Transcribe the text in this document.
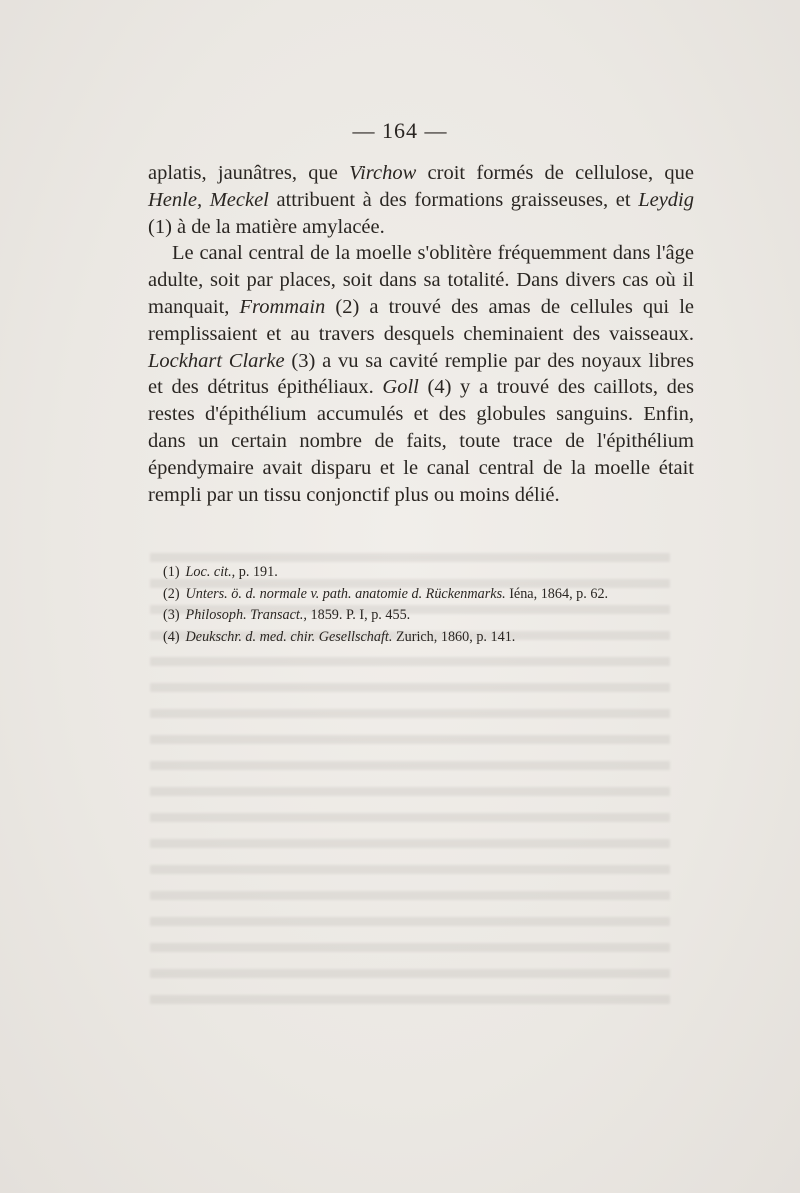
— 164 —

aplatis, jaunâtres, que Virchow croit formés de cellulose, que Henle, Meckel attribuent à des formations graisseuses, et Leydig (1) à de la matière amylacée.

Le canal central de la moelle s'oblitère fréquemment dans l'âge adulte, soit par places, soit dans sa totalité. Dans divers cas où il manquait, Frommain (2) a trouvé des amas de cellules qui le remplissaient et au travers desquels cheminaient des vaisseaux. Lockhart Clarke (3) a vu sa cavité remplie par des noyaux libres et des détritus épithéliaux. Goll (4) y a trouvé des caillots, des restes d'épithélium accumulés et des globules sanguins. Enfin, dans un certain nombre de faits, toute trace de l'épithélium épendymaire avait disparu et le canal central de la moelle était rempli par un tissu conjonctif plus ou moins délié.

(1) Loc. cit., p. 191.
(2) Unters. ö. d. normale v. path. anatomie d. Rückenmarks. Iéna, 1864, p. 62.
(3) Philosoph. Transact., 1859. P. I, p. 455.
(4) Deukschr. d. med. chir. Gesellschaft. Zurich, 1860, p. 141.
